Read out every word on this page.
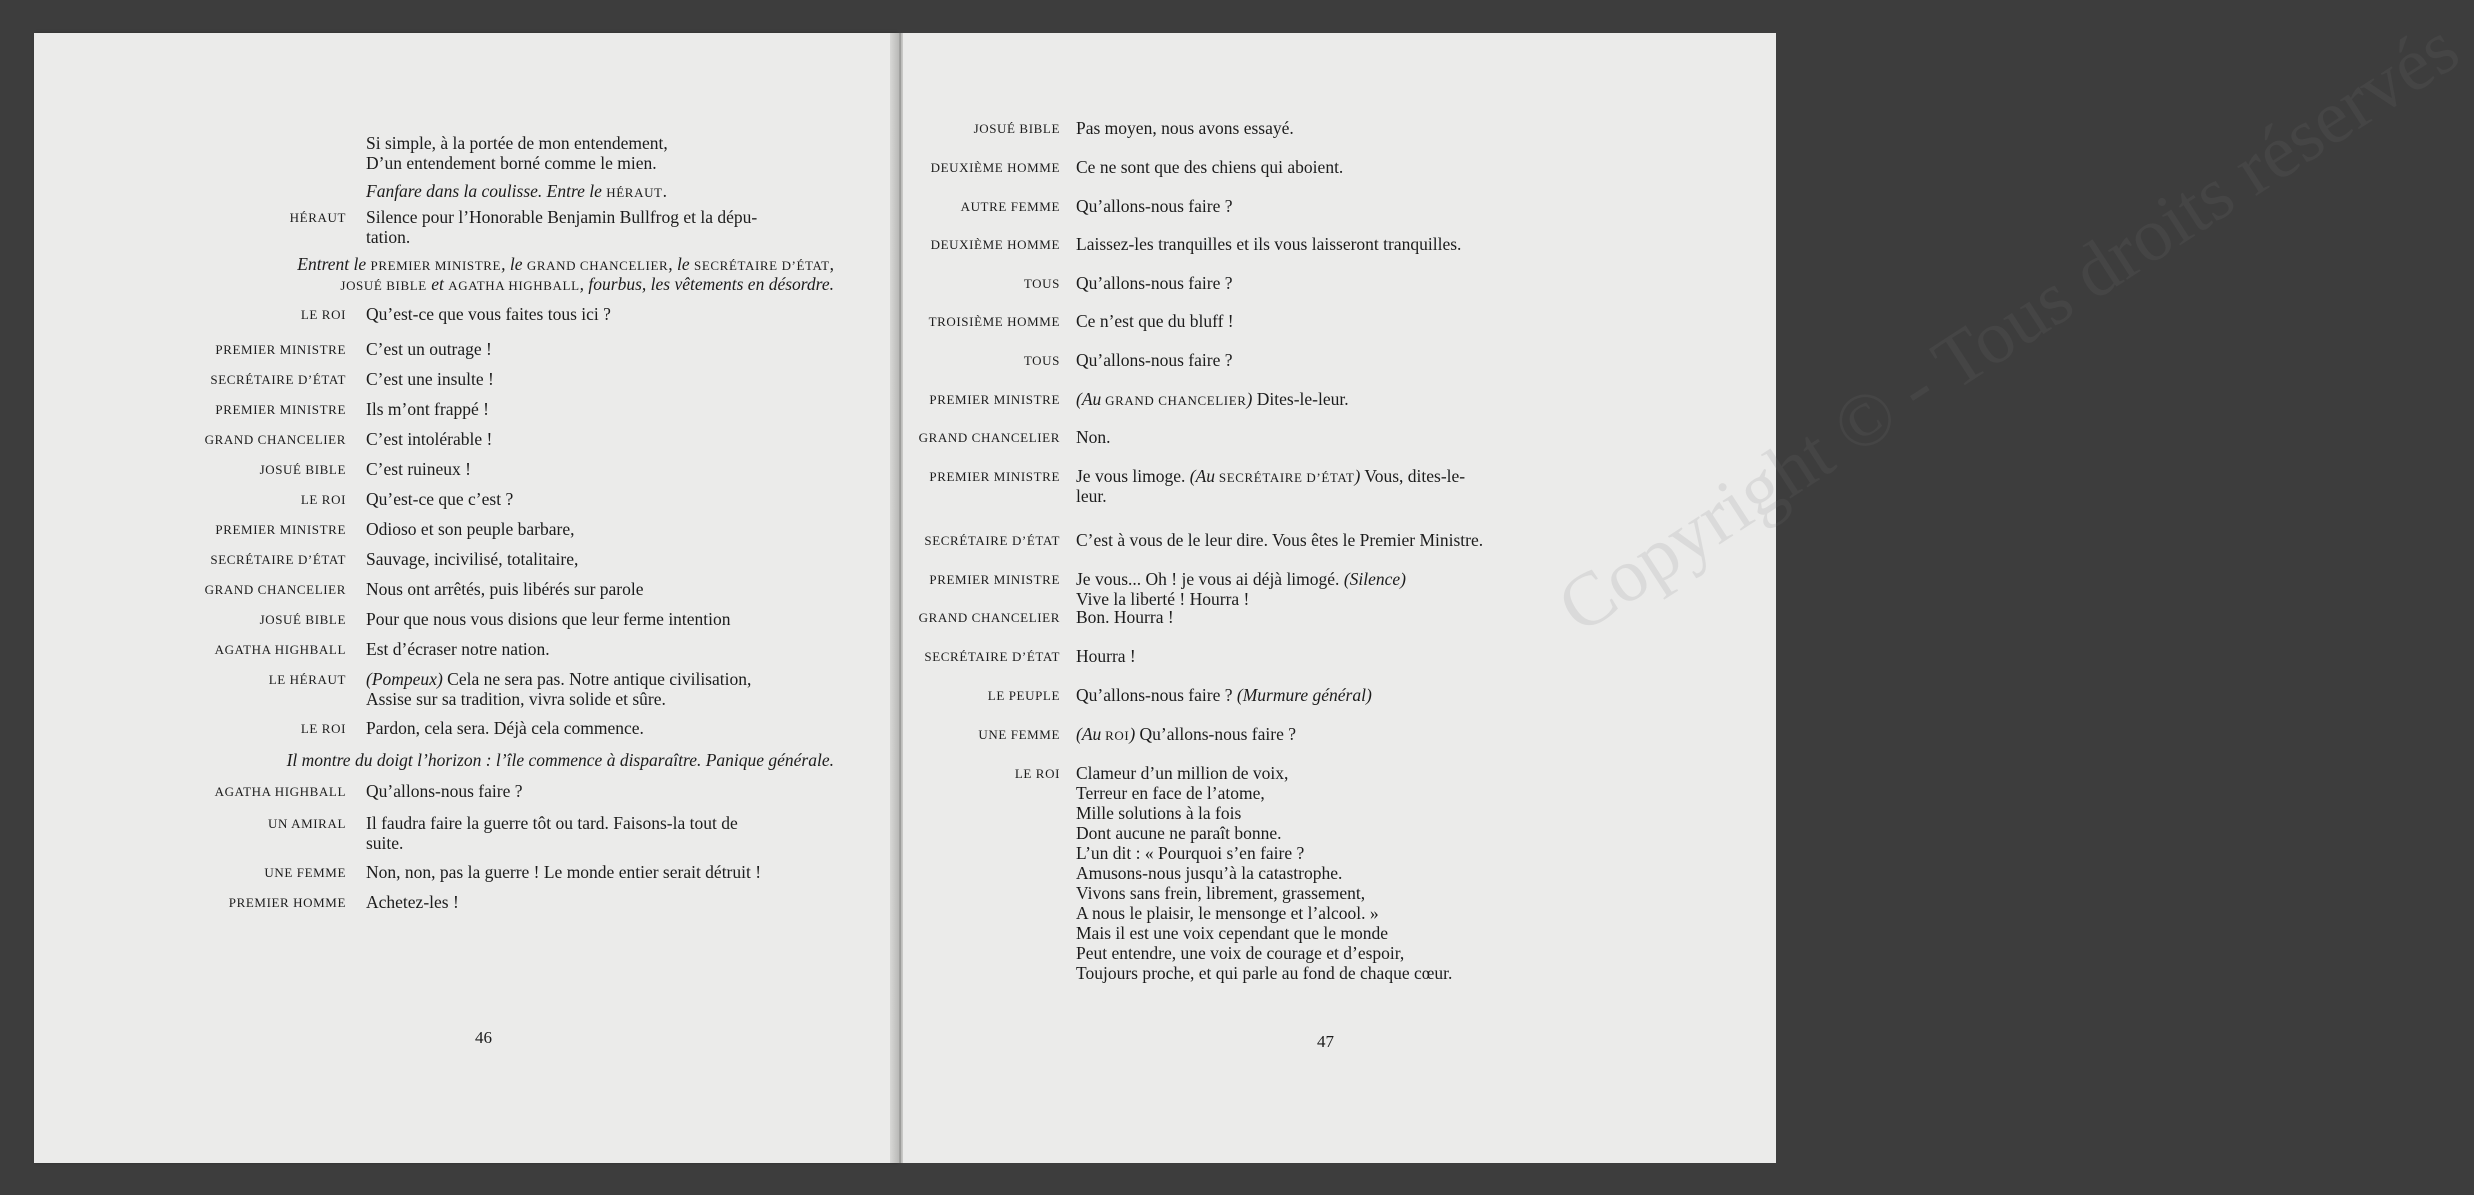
Si simple, à la portée de mon entendement,
D’un entendement borné comme le mien.
Fanfare dans la coulisse. Entre le HÉRAUT.
HÉRAUT Silence pour l’Honorable Benjamin Bullfrog et la dépu-
tation.
Entrent le PREMIER MINISTRE, le GRAND CHANCELIER, le SECRÉTAIRE D’ÉTAT,
JOSUÉ BIBLE et AGATHA HIGHBALL, fourbus, les vêtements en désordre.
LE ROI Qu’est-ce que vous faites tous ici ?
PREMIER MINISTRE C’est un outrage !
SECRÉTAIRE D’ÉTAT C’est une insulte !
PREMIER MINISTRE Ils m’ont frappé !
GRAND CHANCELIER C’est intolérable !
JOSUÉ BIBLE C’est ruineux !
LE ROI Qu’est-ce que c’est ?
PREMIER MINISTRE Odioso et son peuple barbare,
SECRÉTAIRE D’ÉTAT Sauvage, incivilisé, totalitaire,
GRAND CHANCELIER Nous ont arrêtés, puis libérés sur parole
JOSUÉ BIBLE Pour que nous vous disions que leur ferme intention
AGATHA HIGHBALL Est d’écraser notre nation.
LE HÉRAUT (Pompeux) Cela ne sera pas. Notre antique civilisation,
Assise sur sa tradition, vivra solide et sûre.
LE ROI Pardon, cela sera. Déjà cela commence.
Il montre du doigt l’horizon : l’île commence à disparaître. Panique générale.
AGATHA HIGHBALL Qu’allons-nous faire ?
UN AMIRAL Il faudra faire la guerre tôt ou tard. Faisons-la tout de
suite.
UNE FEMME Non, non, pas la guerre ! Le monde entier serait détruit !
PREMIER HOMME Achetez-les !
46
Copyright © - Tous droits réservés
JOSUÉ BIBLE Pas moyen, nous avons essayé.
DEUXIÈME HOMME Ce ne sont que des chiens qui aboient.
AUTRE FEMME Qu’allons-nous faire ?
DEUXIÈME HOMME Laissez-les tranquilles et ils vous laisseront tranquilles.
TOUS Qu’allons-nous faire ?
TROISIÈME HOMME Ce n’est que du bluff !
TOUS Qu’allons-nous faire ?
PREMIER MINISTRE (Au GRAND CHANCELIER) Dites-le-leur.
GRAND CHANCELIER Non.
PREMIER MINISTRE Je vous limoge. (Au SECRÉTAIRE D’ÉTAT) Vous, dites-le-
leur.
SECRÉTAIRE D’ÉTAT C’est à vous de le leur dire. Vous êtes le Premier Ministre.
PREMIER MINISTRE Je vous... Oh ! je vous ai déjà limogé. (Silence)
Vive la liberté ! Hourra !
GRAND CHANCELIER Bon. Hourra !
SECRÉTAIRE D’ÉTAT Hourra !
LE PEUPLE Qu’allons-nous faire ? (Murmure général)
UNE FEMME (Au ROI) Qu’allons-nous faire ?
LE ROI Clameur d’un million de voix,
Terreur en face de l’atome,
Mille solutions à la fois
Dont aucune ne paraît bonne.
L’un dit : « Pourquoi s’en faire ?
Amusons-nous jusqu’à la catastrophe.
Vivons sans frein, librement, grassement,
A nous le plaisir, le mensonge et l’alcool. »
Mais il est une voix cependant que le monde
Peut entendre, une voix de courage et d’espoir,
Toujours proche, et qui parle au fond de chaque cœur.
47
